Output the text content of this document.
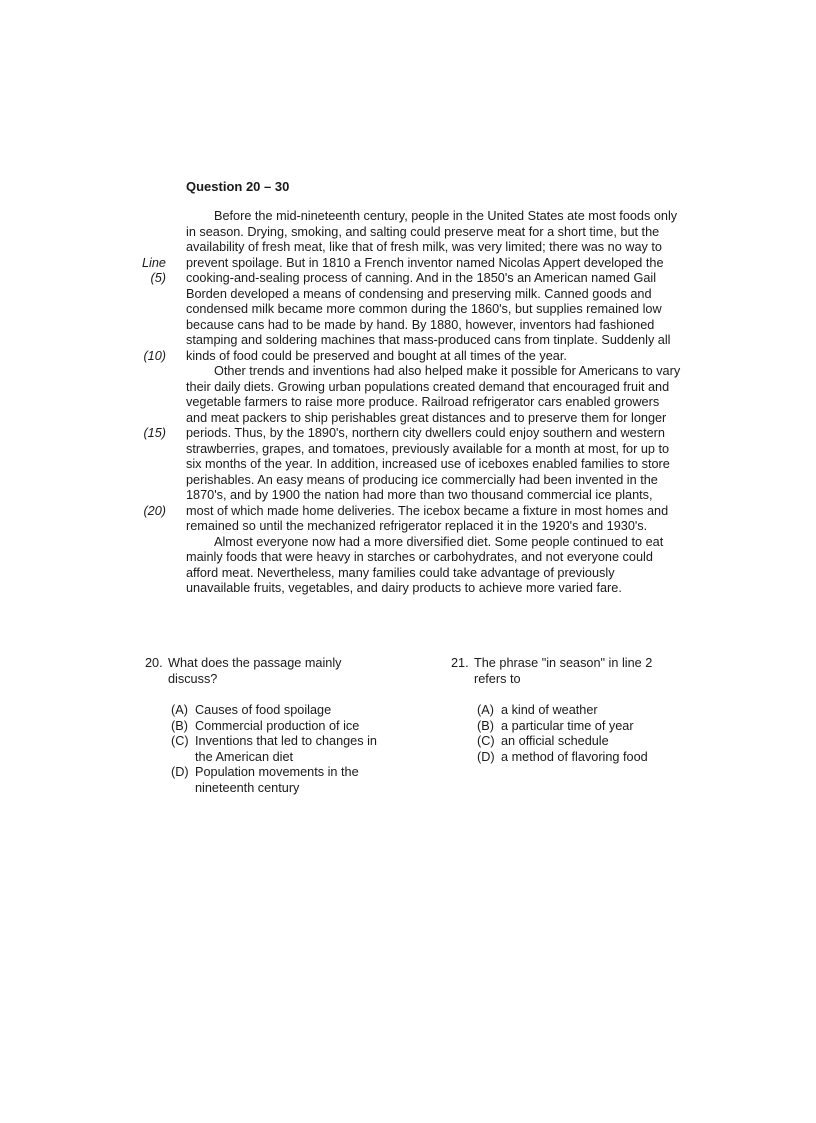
Question 20 – 30
Before the mid-nineteenth century, people in the United States ate most foods only
in season. Drying, smoking, and salting could preserve meat for a short time, but the
availability of fresh meat, like that of fresh milk, was very limited; there was no way to
Line prevent spoilage. But in 1810 a French inventor named Nicolas Appert developed the
(5) cooking-and-sealing process of canning. And in the 1850's an American named Gail
Borden developed a means of condensing and preserving milk. Canned goods and
condensed milk became more common during the 1860's, but supplies remained low
because cans had to be made by hand. By 1880, however, inventors had fashioned
stamping and soldering machines that mass-produced cans from tinplate. Suddenly all
(10) kinds of food could be preserved and bought at all times of the year.
Other trends and inventions had also helped make it possible for Americans to vary
their daily diets. Growing urban populations created demand that encouraged fruit and
vegetable farmers to raise more produce. Railroad refrigerator cars enabled growers
and meat packers to ship perishables great distances and to preserve them for longer
(15) periods. Thus, by the 1890's, northern city dwellers could enjoy southern and western
strawberries, grapes, and tomatoes, previously available for a month at most, for up to
six months of the year. In addition, increased use of iceboxes enabled families to store
perishables. An easy means of producing ice commercially had been invented in the
1870's, and by 1900 the nation had more than two thousand commercial ice plants,
(20) most of which made home deliveries. The icebox became a fixture in most homes and
remained so until the mechanized refrigerator replaced it in the 1920's and 1930's.
Almost everyone now had a more diversified diet. Some people continued to eat
mainly foods that were heavy in starches or carbohydrates, and not everyone could
afford meat. Nevertheless, many families could take advantage of previously
unavailable fruits, vegetables, and dairy products to achieve more varied fare.
20. What does the passage mainly
discuss?
(A) Causes of food spoilage
(B) Commercial production of ice
(C) Inventions that led to changes in
the American diet
(D) Population movements in the
nineteenth century
21. The phrase "in season" in line 2
refers to
(A) a kind of weather
(B) a particular time of year
(C) an official schedule
(D) a method of flavoring food
